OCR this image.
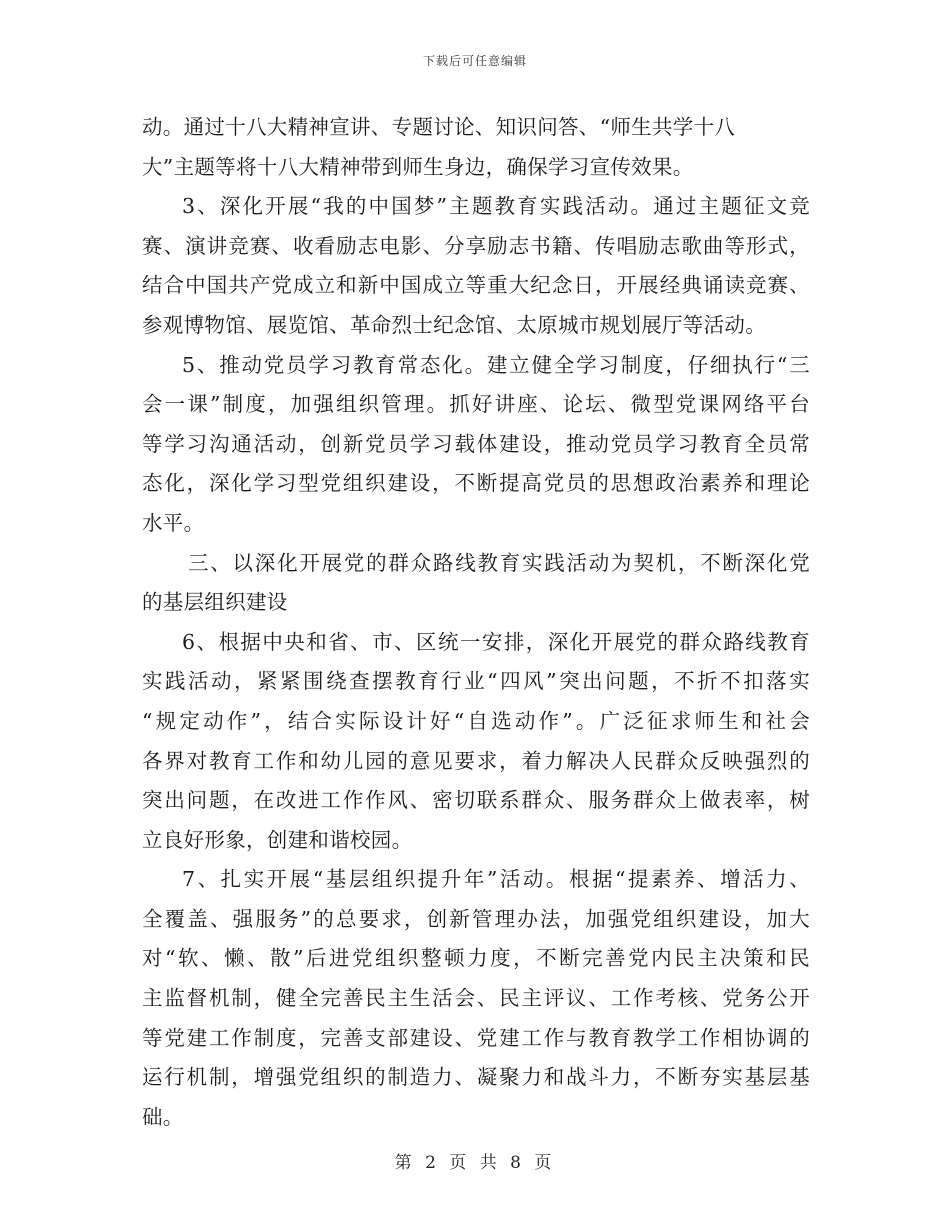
下载后可任意编辑
动。通过十八大精神宣讲、专题讨论、知识问答、“师生共学十八
大”主题等将十八大精神带到师生身边，确保学习宣传效果。
3、深化开展“我的中国梦”主题教育实践活动。通过主题征文竞
赛、演讲竞赛、收看励志电影、分享励志书籍、传唱励志歌曲等形式，
结合中国共产党成立和新中国成立等重大纪念日，开展经典诵读竞赛、
参观博物馆、展览馆、革命烈士纪念馆、太原城市规划展厅等活动。
5、推动党员学习教育常态化。建立健全学习制度，仔细执行“三
会一课”制度，加强组织管理。抓好讲座、论坛、微型党课网络平台
等学习沟通活动，创新党员学习载体建设，推动党员学习教育全员常
态化，深化学习型党组织建设，不断提高党员的思想政治素养和理论
水平。
三、以深化开展党的群众路线教育实践活动为契机，不断深化党
的基层组织建设
6、根据中央和省、市、区统一安排，深化开展党的群众路线教育
实践活动，紧紧围绕查摆教育行业“四风”突出问题，不折不扣落实
“规定动作”，结合实际设计好“自选动作”。广泛征求师生和社会
各界对教育工作和幼儿园的意见要求，着力解决人民群众反映强烈的
突出问题，在改进工作作风、密切联系群众、服务群众上做表率，树
立良好形象，创建和谐校园。
7、扎实开展“基层组织提升年”活动。根据“提素养、增活力、
全覆盖、强服务”的总要求，创新管理办法，加强党组织建设，加大
对“软、懒、散”后进党组织整顿力度，不断完善党内民主决策和民
主监督机制，健全完善民主生活会、民主评议、工作考核、党务公开
等党建工作制度，完善支部建设、党建工作与教育教学工作相协调的
运行机制，增强党组织的制造力、凝聚力和战斗力，不断夯实基层基
础。
第 2 页 共 8 页
